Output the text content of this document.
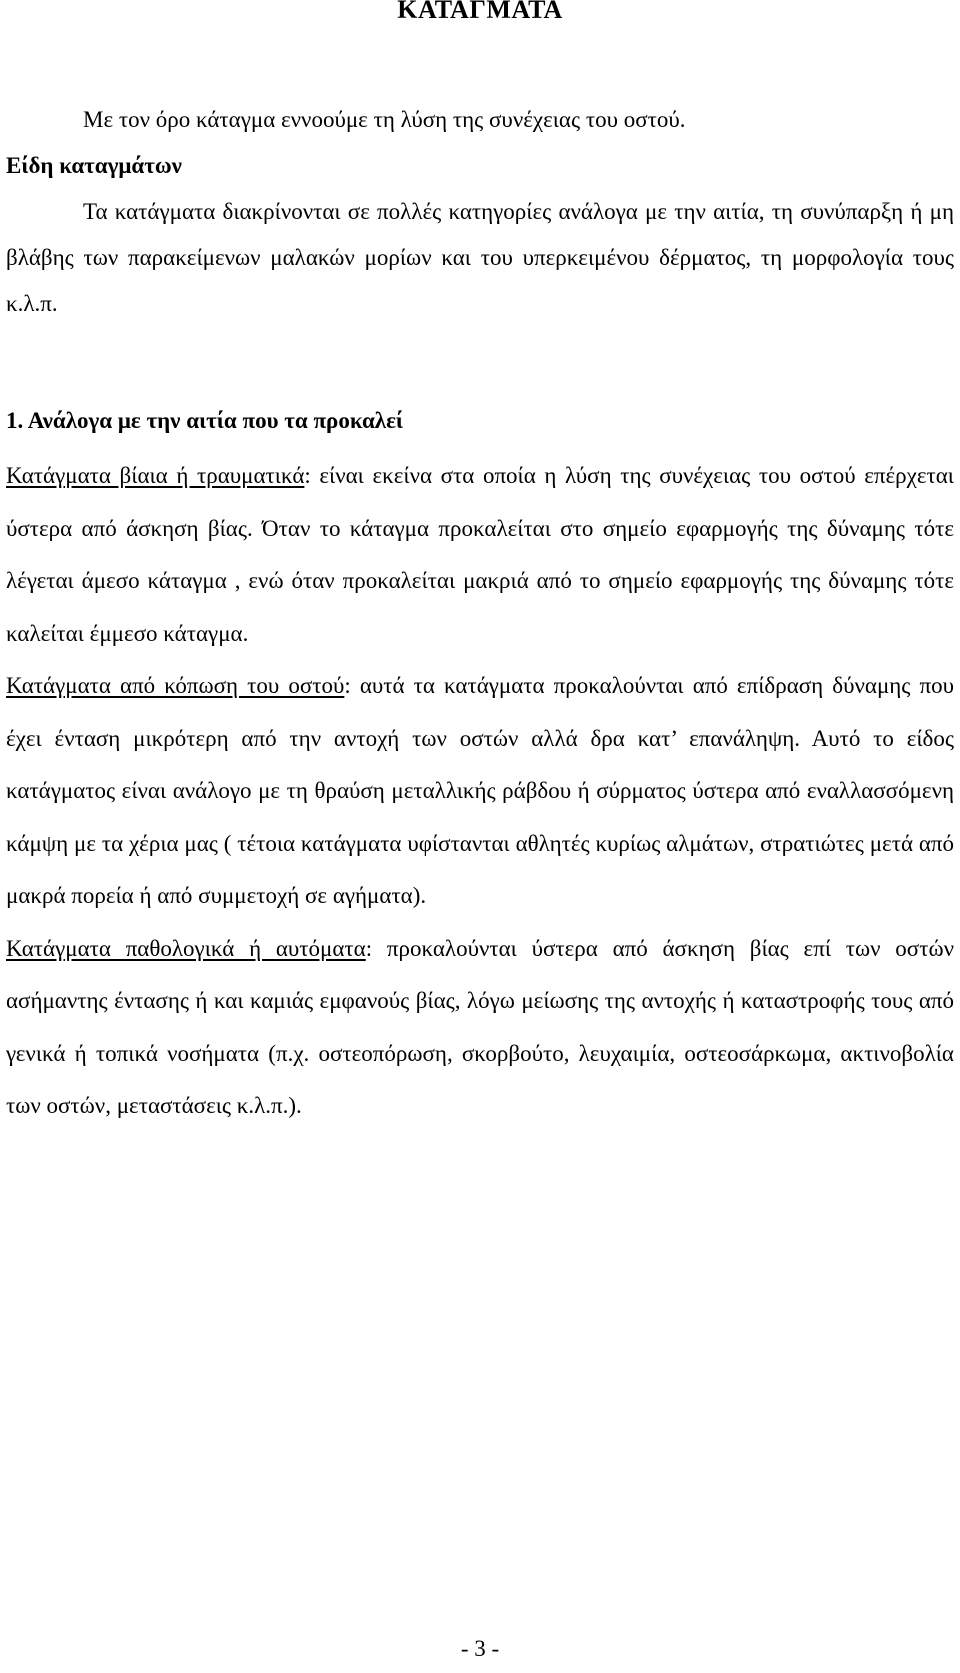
ΚΑΤΑΓΜΑΤΑ

Με τον όρο κάταγμα εννοούμε τη λύση της συνέχειας του οστού.

Είδη καταγμάτων

Τα κατάγματα διακρίνονται σε πολλές κατηγορίες ανάλογα με την αιτία, τη συνύπαρξη ή μη βλάβης των παρακείμενων μαλακών μορίων και του υπερκειμένου δέρματος, τη μορφολογία τους κ.λ.π.

1. Ανάλογα με την αιτία που τα προκαλεί

Κατάγματα βίαια ή τραυματικά: είναι εκείνα στα οποία η λύση της συνέχειας του οστού επέρχεται ύστερα από άσκηση βίας. Όταν το κάταγμα προκαλείται στο σημείο εφαρμογής της δύναμης τότε λέγεται άμεσο κάταγμα , ενώ όταν προκαλείται μακριά από το σημείο εφαρμογής της δύναμης τότε καλείται έμμεσο κάταγμα.

Κατάγματα από κόπωση του οστού: αυτά τα κατάγματα προκαλούνται από επίδραση δύναμης που έχει ένταση μικρότερη από την αντοχή των οστών αλλά δρα κατ’ επανάληψη. Αυτό το είδος κατάγματος είναι ανάλογο με τη θραύση μεταλλικής ράβδου ή σύρματος ύστερα από εναλλασσόμενη κάμψη με τα χέρια μας ( τέτοια κατάγματα υφίστανται αθλητές κυρίως αλμάτων, στρατιώτες μετά από μακρά πορεία ή από συμμετοχή σε αγήματα).

Κατάγματα παθολογικά ή αυτόματα: προκαλούνται ύστερα από άσκηση βίας επί των οστών ασήμαντης έντασης ή και καμιάς εμφανούς βίας, λόγω μείωσης της αντοχής ή καταστροφής τους από γενικά ή τοπικά νοσήματα (π.χ. οστεοπόρωση, σκορβούτο, λευχαιμία, οστεοσάρκωμα, ακτινοβολία των οστών, μεταστάσεις κ.λ.π.).

- 3 -
